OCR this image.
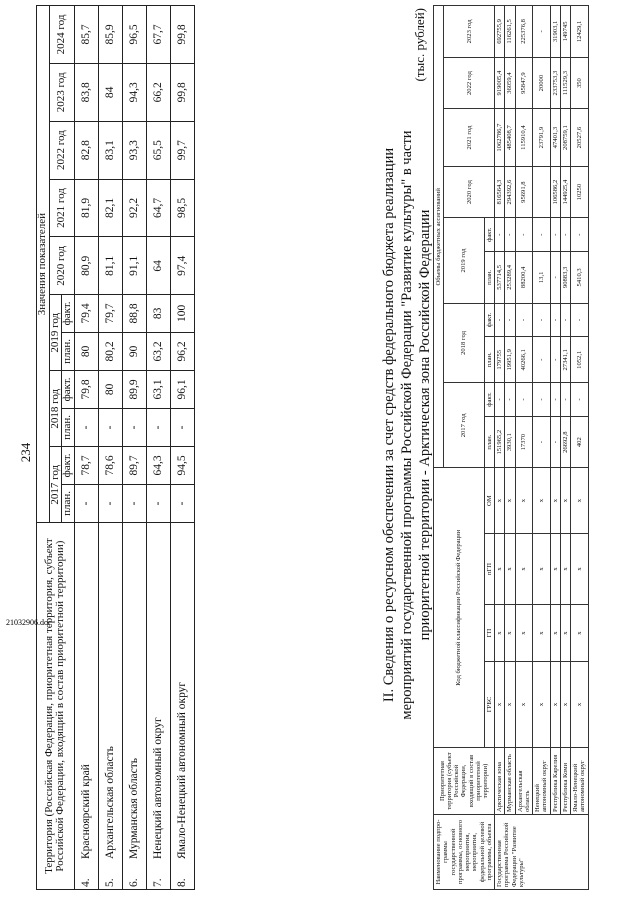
234
Территория (Российская Федерация, приоритетная территория, субъект Российской Федерации, входящий в состав приоритетной территории)		Значения показателей										
		2017 год		2018 год		2019 год		2020 год	2021 год	2022 год	2023 год	2024 год
		план.	факт.	план.	факт.	план.	факт.					
4.	Красноярский край	-	78,7	-	79,8	80	79,4	80,9	81,9	82,8	83,8	85,7
5.	Архангельская область	-	78,6	-	80	80,2	79,7	81,1	82,1	83,1	84	85,9
6.	Мурманская область	-	89,7	-	89,9	90	88,8	91,1	92,2	93,3	94,3	96,5
7.	Ненецкий автономный округ	-	64,3	-	63,1	63,2	83	64	64,7	65,5	66,2	67,7
8.	Ямало-Ненецкий автономный округ	-	94,5	-	96,1	96,2	100	97,4	98,5	99,7	99,8	99,8
II. Сведения о ресурсном обеспечении за счет средств федерального бюджета реализации мероприятий государственной программы Российской Федерации "Развитие культуры" в части приоритетной территории - Арктическая зона Российской Федерации
(тыс. рублей)
Наименование подпро-граммы государственной программы, основного мероприятия, мероприятия, федеральной целевой программы, объекта	Приоритетная территория (субъект Российской Федерации, входящий в состав приоритетной территории)	Код бюджетной классификации Российской Федерации				Объемы бюджетных ассигнований									
						2017 год		2018 год		2019 год		2020 год	2021 год	2022 год	2023 год
		ГРБС	ГП	пГП	ОМ	план.	факт.	план.	факт.	план.	факт.				
Государственная программа Российской Федерации "Развитие культуры"	Арктическая зона	x	x	x	x	151965,2	-	179755	-	537714,5	-	816564,3	1062786,7	919005,4	692755,9
	Мурманская область	x	x	x	x	3930,1	-	19951,9	-	253289,4	-	294392,6	485408,7	36059,4	116261,5
	Архангельская область	x	x	x	x	17370	-	40266,1	-	88200,4	-	95691,8	115910,4	95847,9	225376,8
	Ненецкий автономный округ	x	x	x	x	-	-	-	-	13,1	-		23791,9	20000	-
	Республика Карелия	x	x	x	x	-	-	-	-	-	-	106586,2	47401,3	233753,3	31903,1
	Республика Коми	x	x	x	x	26692,8	-	27341,1	-	90883,3	-	144925,4	208759,1	111529,3	149745
	Ямало-Ненецкий автономный округ	x	x	x	x	402	-	1052,1	-	5410,3	-	10250	20527,6	350	12429,1
21032906.doc
